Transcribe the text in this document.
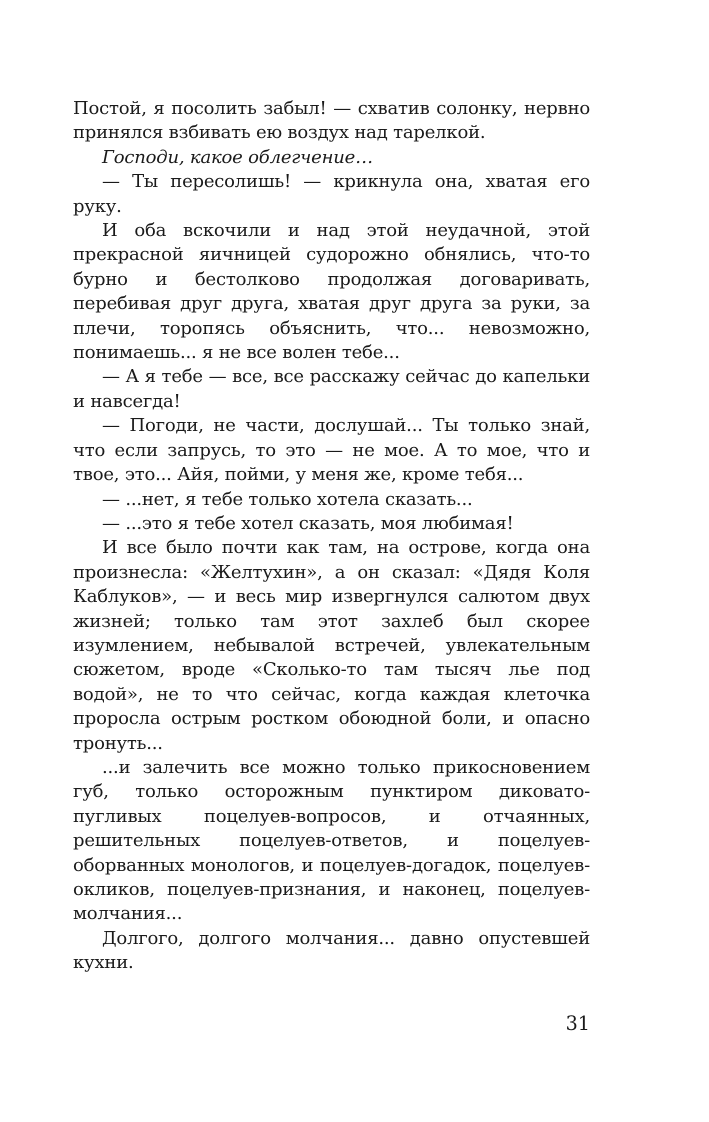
Постой, я посолить забыл! — схватив солонку, нервно принялся взбивать ею воздух над тарелкой.

Господи, какое облегчение…

— Ты пересолишь! — крикнула она, хватая его руку.

И оба вскочили и над этой неудачной, этой прекрасной яичницей судорожно обнялись, что-то бурно и бестолково продолжая договаривать, перебивая друг друга, хватая друг друга за руки, за плечи, торопясь объяснить, что... невозможно, понимаешь... я не все волен тебе...

— А я тебе — все, все расскажу сейчас до капельки и навсегда!

— Погоди, не части, дослушай... Ты только знай, что если запрусь, то это — не мое. А то мое, что и твое, это... Айя, пойми, у меня же, кроме тебя...

— ...нет, я тебе только хотела сказать...

— ...это я тебе хотел сказать, моя любимая!

И все было почти как там, на острове, когда она произнесла: «Желтухин», а он сказал: «Дядя Коля Каблуков», — и весь мир извергнулся салютом двух жизней; только там этот захлеб был скорее изумлением, небывалой встречей, увлекательным сюжетом, вроде «Сколько-то там тысяч лье под водой», не то что сейчас, когда каждая клеточка проросла острым ростком обоюдной боли, и опасно тронуть...

...и залечить все можно только прикосновением губ, только осторожным пунктиром диковато-пугливых поцелуев-вопросов, и отчаянных, решительных поцелуев-ответов, и поцелуев-оборванных монологов, и поцелуев-догадок, поцелуев-окликов, поцелуев-признания, и наконец, поцелуев-молчания...

Долгого, долгого молчания... давно опустевшей кухни.

31
